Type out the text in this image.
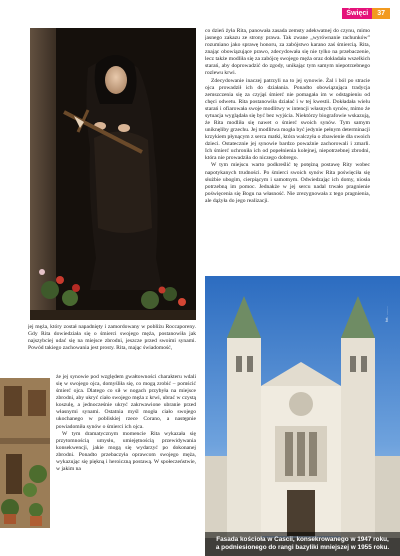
Święci	37

co dzień żyła Rita, panowała zasada zemsty adekwatnej do czynu, mimo jasnego zakazu ze strony prawa. Tak zwane „wyrównanie rachunków” rozumiano jako sprawę honoru, za zabójstwo karano zaś śmiercią. Rita, znając obowiązujące prawo, zdecydowała się nie tylko na przebaczenie, lecz także modliła się za zabójcę swojego męża oraz dokładała wszelkich starań, aby doprowadzić do zgody, unikając tym samym niepotrzebnego rozlewu krwi.

Zdecydowanie inaczej patrzyli na to jej synowie. Żal i ból po stracie ojca prowadził ich do działania. Ponadto obowiązująca tradycja zemszczenia się za czyjąś śmierć nie pomagała im w odstąpieniu od chęci odwetu. Rita postanowiła działać i w tej kwestii. Dokładała wielu starań i ofiarowała swoje modlitwy w intencji własnych synów, mimo że sytuacja wyglądała się być bez wyjścia. Niektórzy biografowie wskazują, że Rita modliła się nawet o śmierć swoich synów. Tym samym uniknęliby grzechu. Jej modlitwa mogła być jedynie pełnym determinacji krzykiem płynącym z serca matki, która walczyła o zbawienie dla swoich dzieci. Ostatecznie jej synowie bardzo poważnie zachorowali i zmarli. Ich śmierć uchroniła ich od popełnienia kolejnej, niepotrzebnej zbrodni, która nie prowadziła do niczego dobrego.

W tym miejscu warto podkreślić tę potężną postawę Rity wobec napotykanych trudności. Po śmierci swoich synów Rita poświęciła się służbie ubogim, cierpiącym i samotnym. Odwiedzając ich domy, niosła potrzebną im pomoc. Jednakże w jej sercu nadal trwało pragnienie poświęcenia się Bogu na własność. Nie zrezygnowała z tego pragnienia, ale dążyła do jego realizacji.

jej męża, który został napadnięty i zamordowany w pobliżu Roccaporeny. Gdy Rita dowiedziała się o śmierci swojego męża, postanowiła jak najszybciej udać się na miejsce zbrodni, jeszcze przed swoimi synami. Powód takiego zachowania jest prosty. Rita, mając świadomość,

że jej synowie pod względem gwałtowności charakteru wdali się w swojego ojca, domyśliła się, co mogą zrobić – pomścić śmierć ojca. Dlatego co sił w nogach przybyła na miejsce zbrodni, aby ukryć ciało swojego męża z krwi, ubrać w czystą koszulę, a jednocześnie ukryć zakrwawione ubranie przed własnymi synami. Ostatnia myśl mogła ciało swojego ukochanego w pobliskiej rzece Corano, a następnie powiadomiła synów o śmierci ich ojca.

W tym dramatycznym momencie Rita wykazała się przytomnością umysłu, umiejętnością przewidywania konsekwencji, jakie mogą się wydarzyć po dokonanej zbrodni. Ponadto przebaczyła oprawcom swojego męża, wykazując się piękną i heroiczną postawą. W społeczeństwie, w jakim na

fot. ........
Fasada kościoła w Cascii, konsekrowanego w 1947 roku,
a podniesionego do rangi bazyliki mniejszej w 1955 roku.
